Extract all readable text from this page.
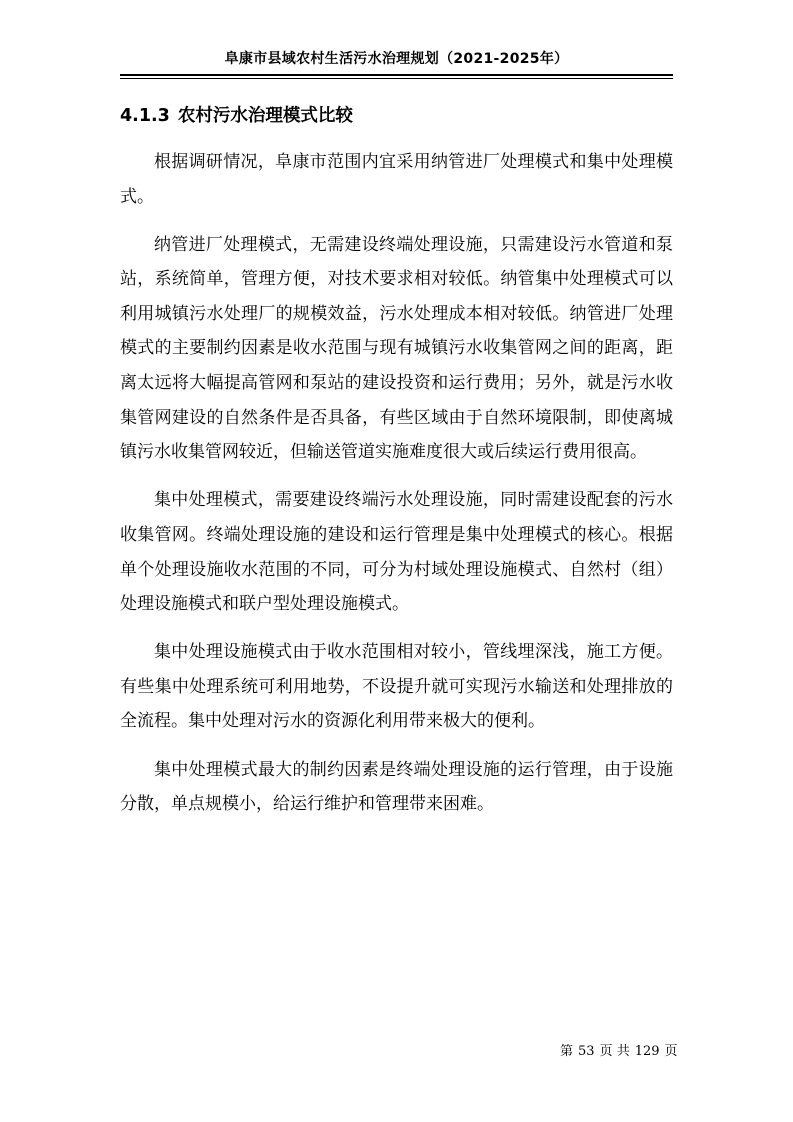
阜康市县域农村生活污水治理规划（2021-2025年）
4.1.3 农村污水治理模式比较

根据调研情况，阜康市范围内宜采用纳管进厂处理模式和集中处理模式。

纳管进厂处理模式，无需建设终端处理设施，只需建设污水管道和泵站，系统简单，管理方便，对技术要求相对较低。纳管集中处理模式可以利用城镇污水处理厂的规模效益，污水处理成本相对较低。纳管进厂处理模式的主要制约因素是收水范围与现有城镇污水收集管网之间的距离，距离太远将大幅提高管网和泵站的建设投资和运行费用；另外，就是污水收集管网建设的自然条件是否具备，有些区域由于自然环境限制，即使离城镇污水收集管网较近，但输送管道实施难度很大或后续运行费用很高。

集中处理模式，需要建设终端污水处理设施，同时需建设配套的污水收集管网。终端处理设施的建设和运行管理是集中处理模式的核心。根据单个处理设施收水范围的不同，可分为村域处理设施模式、自然村（组）处理设施模式和联户型处理设施模式。

集中处理设施模式由于收水范围相对较小，管线埋深浅，施工方便。有些集中处理系统可利用地势，不设提升就可实现污水输送和处理排放的全流程。集中处理对污水的资源化利用带来极大的便利。

集中处理模式最大的制约因素是终端处理设施的运行管理，由于设施分散，单点规模小，给运行维护和管理带来困难。

第 53 页 共 129 页
